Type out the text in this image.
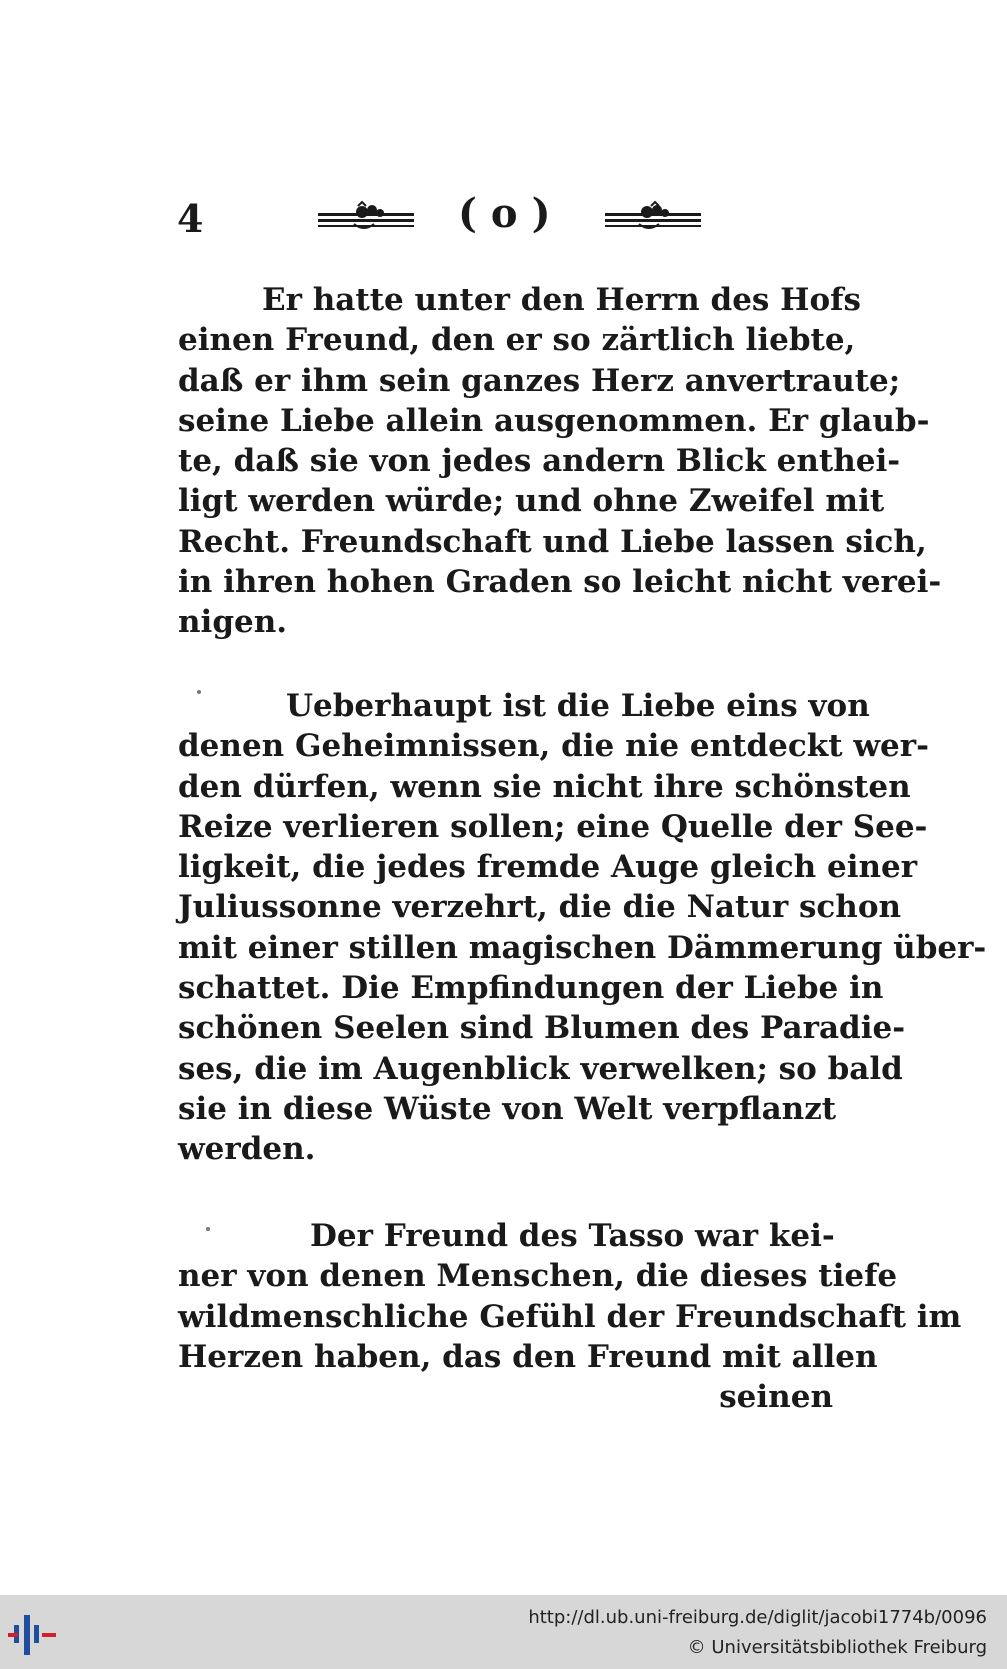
4	(o)
Er hatte unter den Herrn des Hofs
einen Freund, den er so zärtlich liebte,
daß er ihm sein ganzes Herz anvertraute;
seine Liebe allein ausgenommen. Er glaub-
te, daß sie von jedes andern Blick enthei-
ligt werden würde; und ohne Zweifel mit
Recht. Freundschaft und Liebe lassen sich,
in ihren hohen Graden so leicht nicht verei-
nigen.
Ueberhaupt ist die Liebe eins von
denen Geheimnissen, die nie entdeckt wer-
den dürfen, wenn sie nicht ihre schönsten
Reize verlieren sollen; eine Quelle der See-
ligkeit, die jedes fremde Auge gleich einer
Juliussonne verzehrt, die die Natur schon
mit einer stillen magischen Dämmerung über-
schattet. Die Empfindungen der Liebe in
schönen Seelen sind Blumen des Paradie-
ses, die im Augenblick verwelken; so bald
sie in diese Wüste von Welt verpflanzt
werden.
Der Freund des Tasso war kei-
ner von denen Menschen, die dieses tiefe
wildmenschliche Gefühl der Freundschaft im
Herzen haben, das den Freund mit allen
seinen
http://dl.ub.uni-freiburg.de/diglit/jacobi1774b/0096
© Universitätsbibliothek Freiburg
